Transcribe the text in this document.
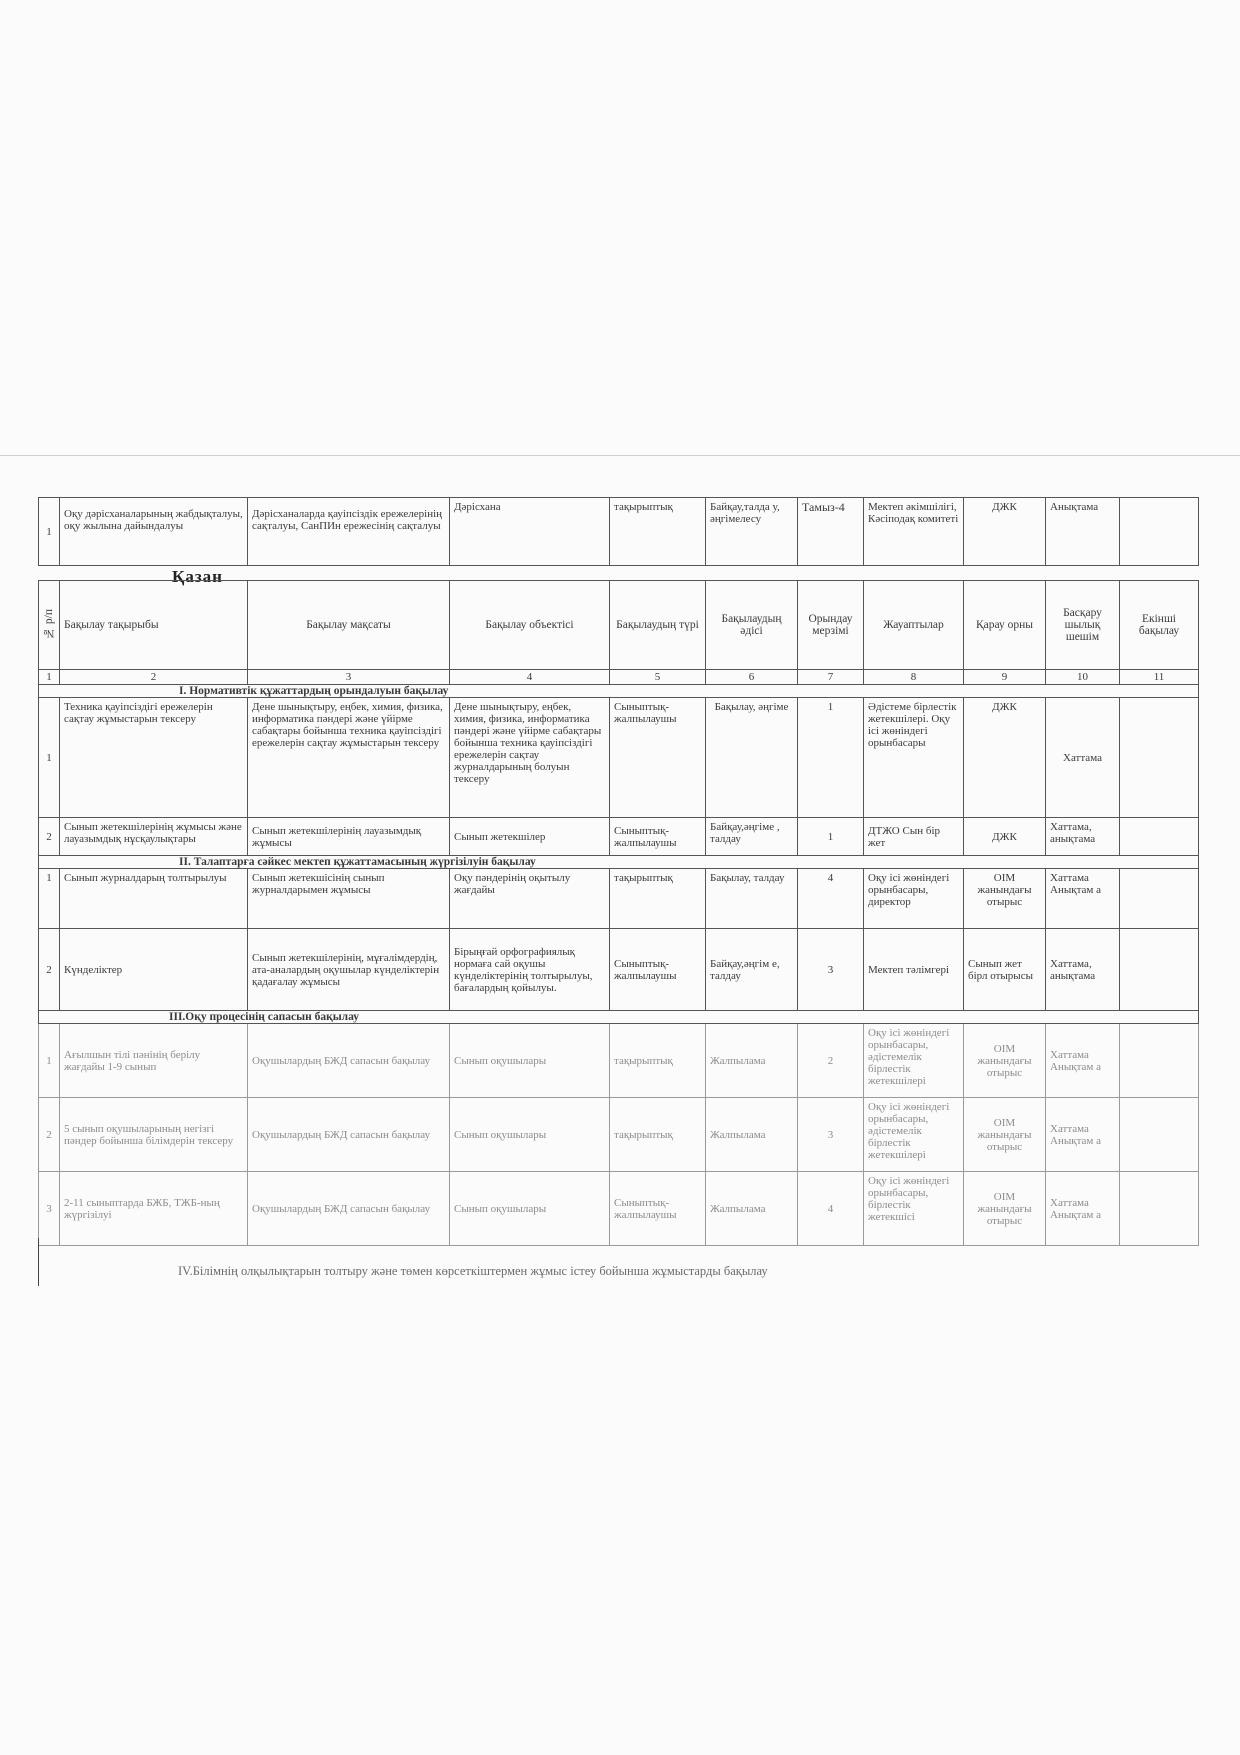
1	Оқу дәрісханаларының жабдықталуы, оқу жылына дайындалуы	Дәрісханаларда қауіпсіздік ережелерінің сақталуы, СанПИн ережесінің сақталуы	Дәрісхана	тақырыптық	Байқау,талда у, әңгімелесу	Тамыз-4	Мектеп әкімшілігі, Кәсіподақ комитеті	ДЖК	Анықтама	
Қазан
№ р/п	Бақылау тақырыбы	Бақылау мақсаты	Бақылау объектісі	Бақылаудың түрі	Бақылаудың әдісі	Орындау мерзімі	Жауаптылар	Қарау орны	Басқару шылық шешім	Екінші бақылау
1	2	3	4	5	6	7	8	9	10	11
I. Нормативтік құжаттардың орындалуын бақылау										
1	Техника қауіпсіздігі ережелерін сақтау жұмыстарын тексеру	Дене шынықтыру, еңбек, химия, физика, информатика пәндері және үйірме сабақтары бойынша техника қауіпсіздігі ережелерін сақтау жұмыстарын тексеру	Дене шынықтыру, еңбек, химия, физика, информатика пәндері және үйірме сабақтары бойынша техника қауіпсіздігі ережелерін сақтау журналдарының болуын тексеру	Сыныптық-жалпылаушы	Бақылау, әңгіме	1	Әдістеме бірлестік жетекшілері. Оқу ісі жөніндегі орынбасары	ДЖК	Хаттама	
2	Сынып жетекшілерінің жұмысы және лауазымдық нұсқаулықтары	Сынып жетекшілерінің лауазымдық жұмысы	Сынып жетекшілер	Сыныптық-жалпылаушы	Байқау,әңгіме , талдау	1	ДТЖО Сын бір жет	ДЖК	Хаттама, анықтама	
II. Талаптарға сәйкес мектеп құжаттамасының жүргізілуін бақылау										
1	Сынып журналдарың толтырылуы	Сынып жетекшісінің сынып журналдарымен жұмысы	Оқу пәндерінің оқытылу жағдайы	тақырыптық	Бақылау, талдау	4	Оқу ісі жөніндегі орынбасары, директор	ОІМ жанындағы отырыс	Хаттама Анықтам а	
2	Күнделіктер	Сынып жетекшілерінің, мұғалімдердің, ата-аналардың оқушылар күнделіктерін қадағалау жұмысы	Бірыңғай орфографиялық нормаға сай оқушы күнделіктерінің толтырылуы, бағалардың қойылуы.	Сыныптық-жалпылаушы	Байқау,әңгім е, талдау	3	Мектеп тәлімгері	Сынып жет бірл отырысы	Хаттама, анықтама	
III.Оқу процесінің сапасын бақылау										
1	Ағылшын тілі пәнінің берілу жағдайы 1-9 сынып	Оқушылардың БЖД сапасын бақылау	Сынып оқушылары	тақырыптық	Жалпылама	2	Оқу ісі жөніндегі орынбасары, әдістемелік бірлестік жетекшілері	ОІМ жанындағы отырыс	Хаттама Анықтам а	
2	5 сынып оқушыларының негізгі пәндер бойынша білімдерін тексеру	Оқушылардың БЖД сапасын бақылау	Сынып оқушылары	тақырыптық	Жалпылама	3	Оқу ісі жөніндегі орынбасары, әдістемелік бірлестік жетекшілері	ОІМ жанындағы отырыс	Хаттама Анықтам а	
3	2-11 сыныптарда БЖБ, ТЖБ-ның жүргізілуі	Оқушылардың БЖД сапасын бақылау	Сынып оқушылары	Сыныптық-жалпылаушы	Жалпылама	4	Оқу ісі жөніндегі орынбасары, бірлестік жетекшісі	ОІМ жанындағы отырыс	Хаттама Анықтам а	
IV.Білімнің олқылықтарын толтыру және төмен көрсеткіштермен жұмыс істеу бойынша жұмыстарды бақылау
